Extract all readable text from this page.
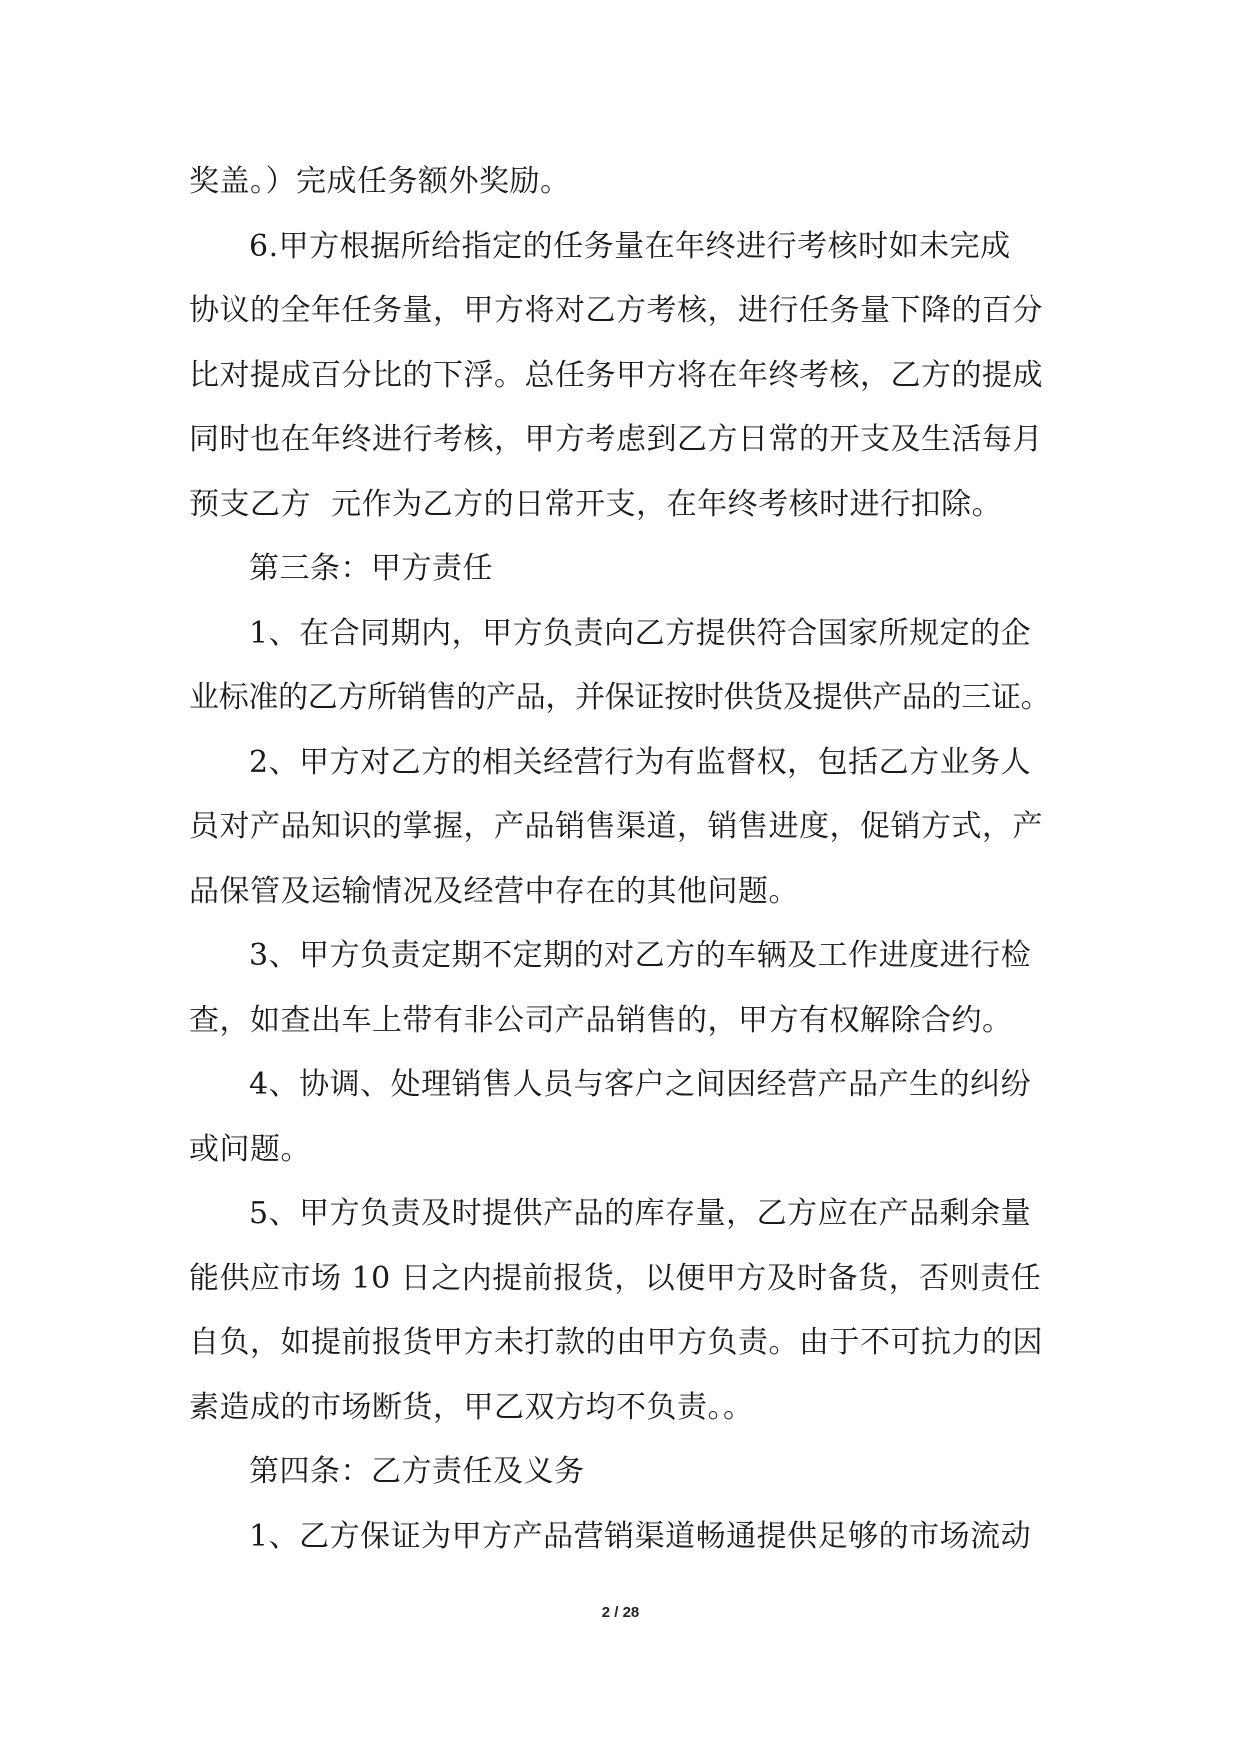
奖盖。）完成任务额外奖励。
6.甲方根据所给指定的任务量在年终进行考核时如未完成
协议的全年任务量，甲方将对乙方考核，进行任务量下降的百分
比对提成百分比的下浮。总任务甲方将在年终考核，乙方的提成
同时也在年终进行考核，甲方考虑到乙方日常的开支及生活每月
预支乙方  元作为乙方的日常开支，在年终考核时进行扣除。
第三条：甲方责任
1、在合同期内，甲方负责向乙方提供符合国家所规定的企
业标准的乙方所销售的产品，并保证按时供货及提供产品的三证。
2、甲方对乙方的相关经营行为有监督权，包括乙方业务人
员对产品知识的掌握，产品销售渠道，销售进度，促销方式，产
品保管及运输情况及经营中存在的其他问题。
3、甲方负责定期不定期的对乙方的车辆及工作进度进行检
查，如查出车上带有非公司产品销售的，甲方有权解除合约。
4、协调、处理销售人员与客户之间因经营产品产生的纠纷
或问题。
5、甲方负责及时提供产品的库存量，乙方应在产品剩余量
能供应市场 10 日之内提前报货，以便甲方及时备货，否则责任
自负，如提前报货甲方未打款的由甲方负责。由于不可抗力的因
素造成的市场断货，甲乙双方均不负责。。
第四条：乙方责任及义务
1、乙方保证为甲方产品营销渠道畅通提供足够的市场流动
2 / 28
